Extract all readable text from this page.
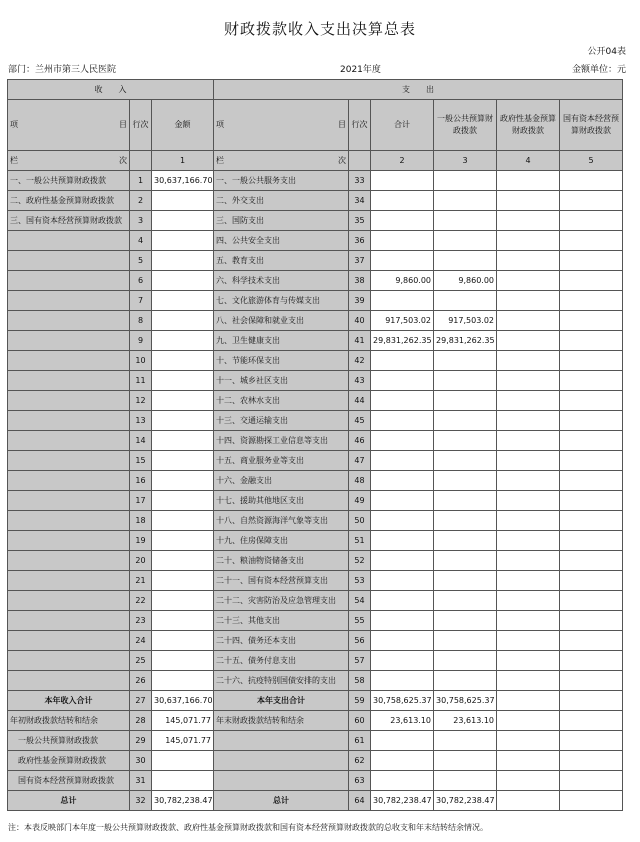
财政拨款收入支出决算总表
公开04表
部门：兰州市第三人民医院	2021年度	金额单位：元
收　　入			支　　出					

项 目	行次	金额	项 目	行次	合计	一般公共预算财政拨款	政府性基金预算财政拨款	国有资本经营预算财政拨款

栏 次		1	栏 次		2	3	4	5
一、一般公共预算财政拨款	1	30,637,166.70	一、一般公共服务支出	33				
二、政府性基金预算财政拨款	2		二、外交支出	34				
三、国有资本经营预算财政拨款	3		三、国防支出	35				
	4		四、公共安全支出	36				
	5		五、教育支出	37				
	6		六、科学技术支出	38	9,860.00	9,860.00		
	7		七、文化旅游体育与传媒支出	39				
	8		八、社会保障和就业支出	40	917,503.02	917,503.02		
	9		九、卫生健康支出	41	29,831,262.35	29,831,262.35		
	10		十、节能环保支出	42				
	11		十一、城乡社区支出	43				
	12		十二、农林水支出	44				
	13		十三、交通运输支出	45				
	14		十四、资源勘探工业信息等支出	46				
	15		十五、商业服务业等支出	47				
	16		十六、金融支出	48				
	17		十七、援助其他地区支出	49				
	18		十八、自然资源海洋气象等支出	50				
	19		十九、住房保障支出	51				
	20		二十、粮油物资储备支出	52				
	21		二十一、国有资本经营预算支出	53				
	22		二十二、灾害防治及应急管理支出	54				
	23		二十三、其他支出	55				
	24		二十四、债务还本支出	56				
	25		二十五、债务付息支出	57				
	26		二十六、抗疫特别国债安排的支出	58				
本年收入合计	27	30,637,166.70	本年支出合计	59	30,758,625.37	30,758,625.37		
年初财政拨款结转和结余	28	145,071.77	年末财政拨款结转和结余	60	23,613.10	23,613.10		
一般公共预算财政拨款	29	145,071.77		61				
政府性基金预算财政拨款	30			62				
国有资本经营预算财政拨款	31			63				
总计	32	30,782,238.47	总计	64	30,782,238.47	30,782,238.47		
注：本表反映部门本年度一般公共预算财政拨款、政府性基金预算财政拨款和国有资本经营预算财政拨款的总收支和年末结转结余情况。
